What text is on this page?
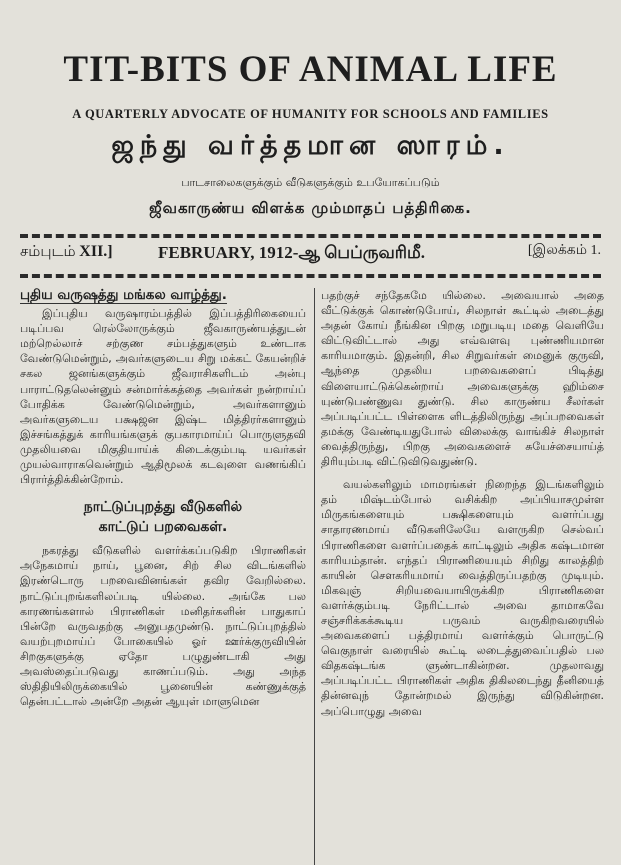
TIT-BITS OF ANIMAL LIFE
A QUARTERLY ADVOCATE OF HUMANITY FOR SCHOOLS AND FAMILIES
ஜந்து வர்த்தமான ஸாரம்.
பாடசாலைகளுக்கும் வீடுகளுக்கும் உபயோகப்படும்
ஜீவகாருண்ய விளக்க மும்மாதப் பத்திரிகை.
சம்புடம் XII.]	FEBRUARY, 1912-ஆ பெப்ருவரிமீ.	[இலக்கம் 1.
புதிய வருஷத்து மங்கல வாழ்த்து.

இப்புதிய வருஷாரம்பத்தில் இப்பத்திரிகையைப் படிப்பவ ரெல்லோருக்கும் ஜீவகாருண்யத்துடன் மற்றெல்லாச் சற்குண சம்பத்துகளும் உண்டாக வேண்டுமென்றும், அவர்களுடைய சிறு மக்கட் கேயன்றிச் சகல ஜனங்களுக்கும் ஜீவராசிகளிடம் அன்பு பாராட்டுதலென்னும் சன்மார்க்கத்தை அவர்கள் நன்றாய்ப் போதிக்க வேண்டுமென்றும், அவர்களானும் அவர்களுடைய பக்ஷஜன இஷ்ட மித்திரர்களானும் இச்சங்கத்துக் காரியங்களுக் குபகாரமாய்ப் பொருளுதவி முதலியவை மிகுதியாய்க் கிடைக்கும்படி யவர்கள் முயல்வாராகவென்றும் ஆதிமூலக் கடவுளை வணங்கிப் பிரார்த்திக்கின்றோம்.

நாட்டுப்புறத்து வீடுகளில்
காட்டுப் பறவைகள்.

நகரத்து வீடுகளில் வளர்க்கப்படுகிற பிராணிகள் அநேகமாய் நாய், பூனை, சிற் சில விடங்களில் இரண்டொரு பறவைவினங்கள் தவிர வேறில்லை. நாட்டுப்புறங்களிலப்படி யில்லை. அங்கே பல காரணங்களால் பிராணிகள் மனிதர்களின் பாதுகாப் பின்றே வருவதற்கு அனுபதமுண்டு. நாட்டுப்புறத்தில் வயற்புறமாய்ப் போகையில் ஓர் ஊர்க்குருவியின் சிறகுகளுக்கு ஏதோ பழுதுண்டாகி அது அவஸ்தைப்படுவது காணப்படும். அது அந்த ஸ்திதியிலிருக்கையில் பூனையின் கண்ணுக்குத் தென்பட்டால் அன்றே அதன் ஆயுள் மாளுமென

பதற்குச் சந்தேகமே யில்லை. அவையால் அதை வீட்டுக்குக் கொண்டுபோய், சிலநாள் கூட்டில் அடைத்து அதன் கோய் நீங்கின பிறகு மறுபடியு மதை வெளியே விட்டுவிட்டால் அது எவ்வளவு புண்ணியமான காரியமாகும். இதன்றி, சில சிறுவர்கள் மைனுக் குருவி, ஆந்தை முதலிய பறவைகளைப் பிடித்து விளையாட்டுக்கென்றாய் அவைகளுக்கு ஹிம்சை யுண்டுபண்ணுவ துண்டு. சில காருண்ய சீலர்கள் அப்படிப்பட்ட பிள்ளைக ளிடத்திலிருந்து அப்பறவைகள் தமக்கு வேண்டியதுபோல் விலைக்கு வாங்கிச் சிலநாள் வைத்திருந்து, பிறகு அவைகளைச் சுயேச்சையாய்த் திரியும்படி விட்டுவிடுவதுண்டு.

வயல்களிலும் மாமரங்கள் நிறைந்த இடங்களிலும் தம் மிஷ்டம்போல் வசிக்கிற அப்பியாசமுள்ள மிருகங்களையும் பக்ஷிகளையும் வளர்ப்பது சாதாரணமாய் வீடுகளிலேயே வளருகிற செல்வப் பிராணிகளை வளர்ப்பதைக் காட்டிலும் அதிக கஷ்டமான காரியம்தான். எந்தப் பிராணியையும் சிறிது காலத்திற் காயின் சௌகரியமாய் வைத்திருப்பதற்கு முடியும். மிகவுஞ் சிறியவையாயிருக்கிற பிராணிகளை வளர்க்கும்படி நேரிட்டால் அவை தாமாகவே சஞ்சரிக்கக்கூடிய பருவம் வருகிறவரையில் அவைகளைப் பத்திரமாய் வளர்க்கும் பொருட்டு வெகுநாள் வரையில் கூட்டி லடைத்துவைப்பதில் பல விதகஷ்டங்க ளுண்டாகின்றன. முதலாவது அப்படிப்பட்ட பிராணிகள் அதிக திகிலடைந்து தீனியைத் தின்னவுந் தோன்றமல் இருந்து விடுகின்றன. அப்பொழுது அவை
